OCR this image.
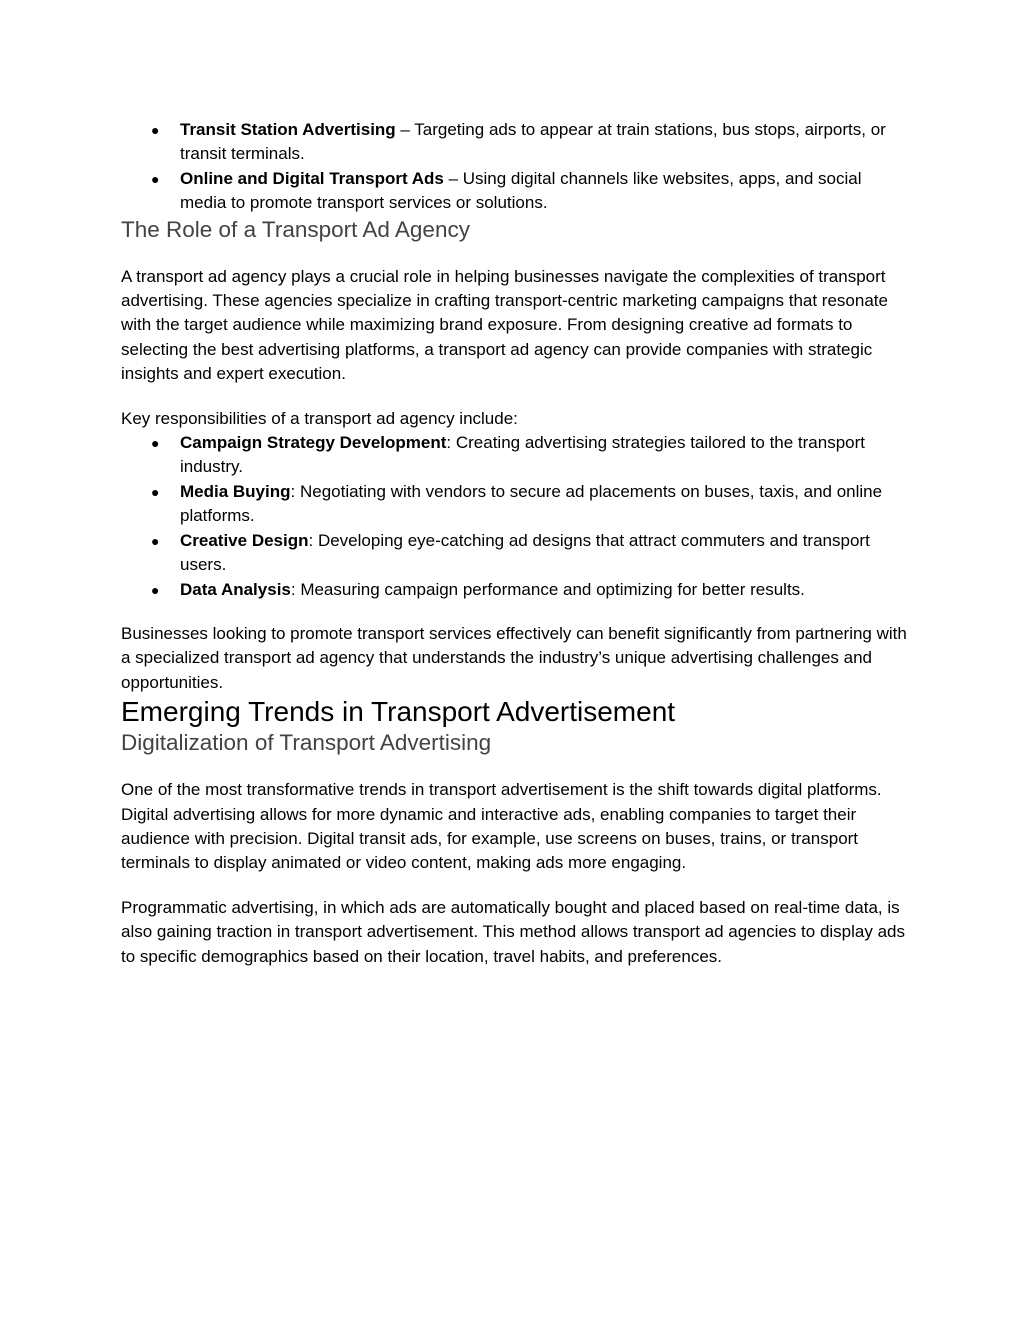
● Transit Station Advertising – Targeting ads to appear at train stations, bus stops, airports, or transit terminals.
● Online and Digital Transport Ads – Using digital channels like websites, apps, and social media to promote transport services or solutions.
The Role of a Transport Ad Agency

A transport ad agency plays a crucial role in helping businesses navigate the complexities of transport advertising. These agencies specialize in crafting transport-centric marketing campaigns that resonate with the target audience while maximizing brand exposure. From designing creative ad formats to selecting the best advertising platforms, a transport ad agency can provide companies with strategic insights and expert execution.

Key responsibilities of a transport ad agency include:

● Campaign Strategy Development: Creating advertising strategies tailored to the transport industry.
● Media Buying: Negotiating with vendors to secure ad placements on buses, taxis, and online platforms.
● Creative Design: Developing eye-catching ad designs that attract commuters and transport users.
● Data Analysis: Measuring campaign performance and optimizing for better results.

Businesses looking to promote transport services effectively can benefit significantly from partnering with a specialized transport ad agency that understands the industry’s unique advertising challenges and opportunities.

Emerging Trends in Transport Advertisement
Digitalization of Transport Advertising

One of the most transformative trends in transport advertisement is the shift towards digital platforms. Digital advertising allows for more dynamic and interactive ads, enabling companies to target their audience with precision. Digital transit ads, for example, use screens on buses, trains, or transport terminals to display animated or video content, making ads more engaging.

Programmatic advertising, in which ads are automatically bought and placed based on real-time data, is also gaining traction in transport advertisement. This method allows transport ad agencies to display ads to specific demographics based on their location, travel habits, and preferences.
